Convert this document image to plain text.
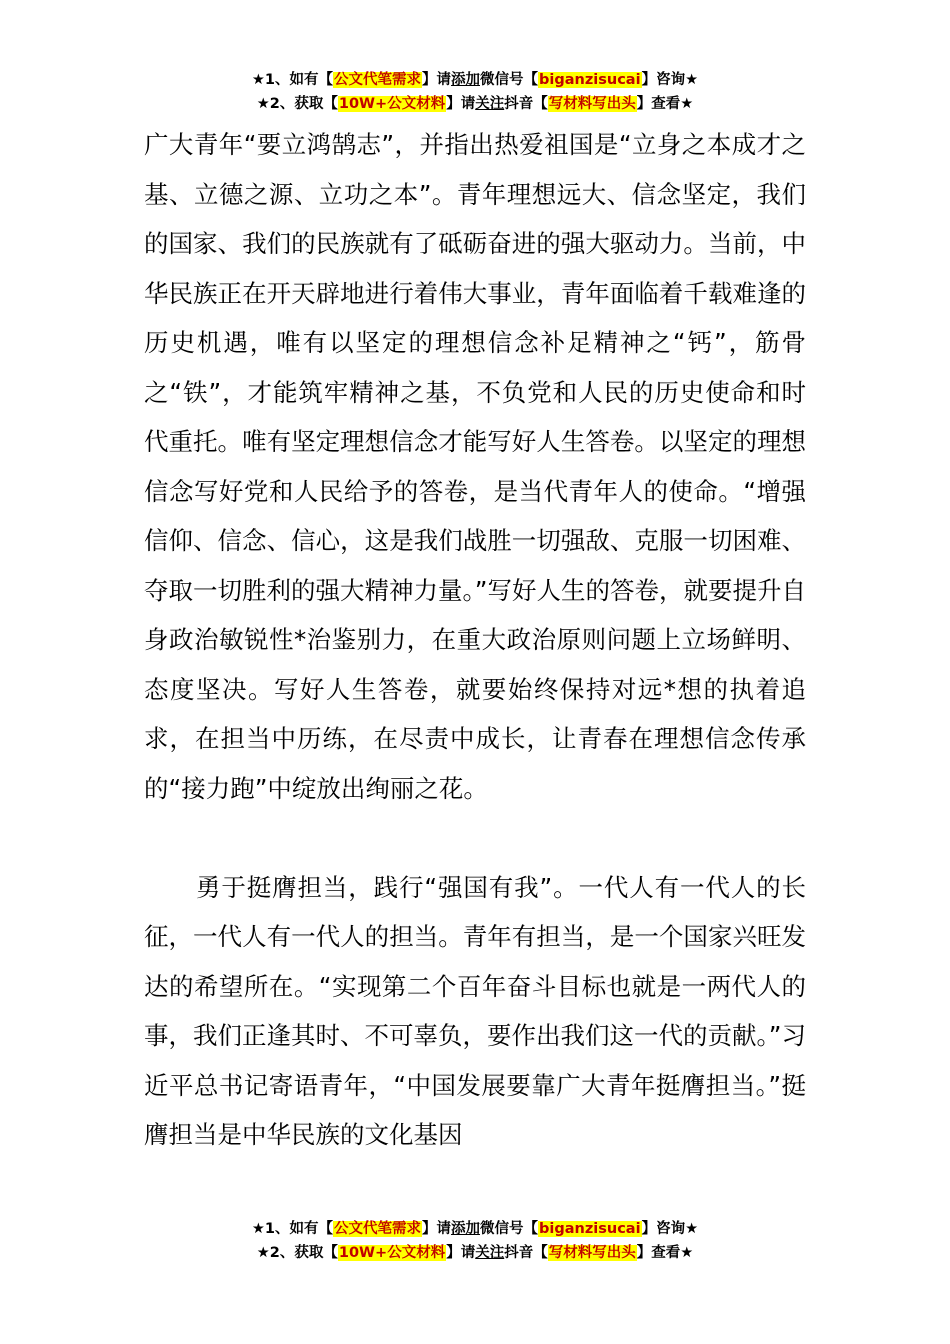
★1、如有【公文代笔需求】请添加微信号【biganzisucai】咨询★
★2、获取【10W+公文材料】请关注抖音【写材料写出头】查看★

广大青年“要立鸿鹄志”，并指出热爱祖国是“立身之本成才之基、立德之源、立功之本”。青年理想远大、信念坚定，我们的国家、我们的民族就有了砥砺奋进的强大驱动力。当前，中华民族正在开天辟地进行着伟大事业，青年面临着千载难逢的历史机遇，唯有以坚定的理想信念补足精神之“钙”，筋骨之“铁”，才能筑牢精神之基，不负党和人民的历史使命和时代重托。唯有坚定理想信念才能写好人生答卷。以坚定的理想信念写好党和人民给予的答卷，是当代青年人的使命。“增强信仰、信念、信心，这是我们战胜一切强敌、克服一切困难、夺取一切胜利的强大精神力量。”写好人生的答卷，就要提升自身政治敏锐性*治鉴别力，在重大政治原则问题上立场鲜明、态度坚决。写好人生答卷，就要始终保持对远*想的执着追求，在担当中历练，在尽责中成长，让青春在理想信念传承的“接力跑”中绽放出绚丽之花。

勇于挺膺担当，践行“强国有我”。一代人有一代人的长征，一代人有一代人的担当。青年有担当，是一个国家兴旺发达的希望所在。“实现第二个百年奋斗目标也就是一两代人的事，我们正逢其时、不可辜负，要作出我们这一代的贡献。”习近平总书记寄语青年，“中国发展要靠广大青年挺膺担当。”挺膺担当是中华民族的文化基因

★1、如有【公文代笔需求】请添加微信号【biganzisucai】咨询★
★2、获取【10W+公文材料】请关注抖音【写材料写出头】查看★
